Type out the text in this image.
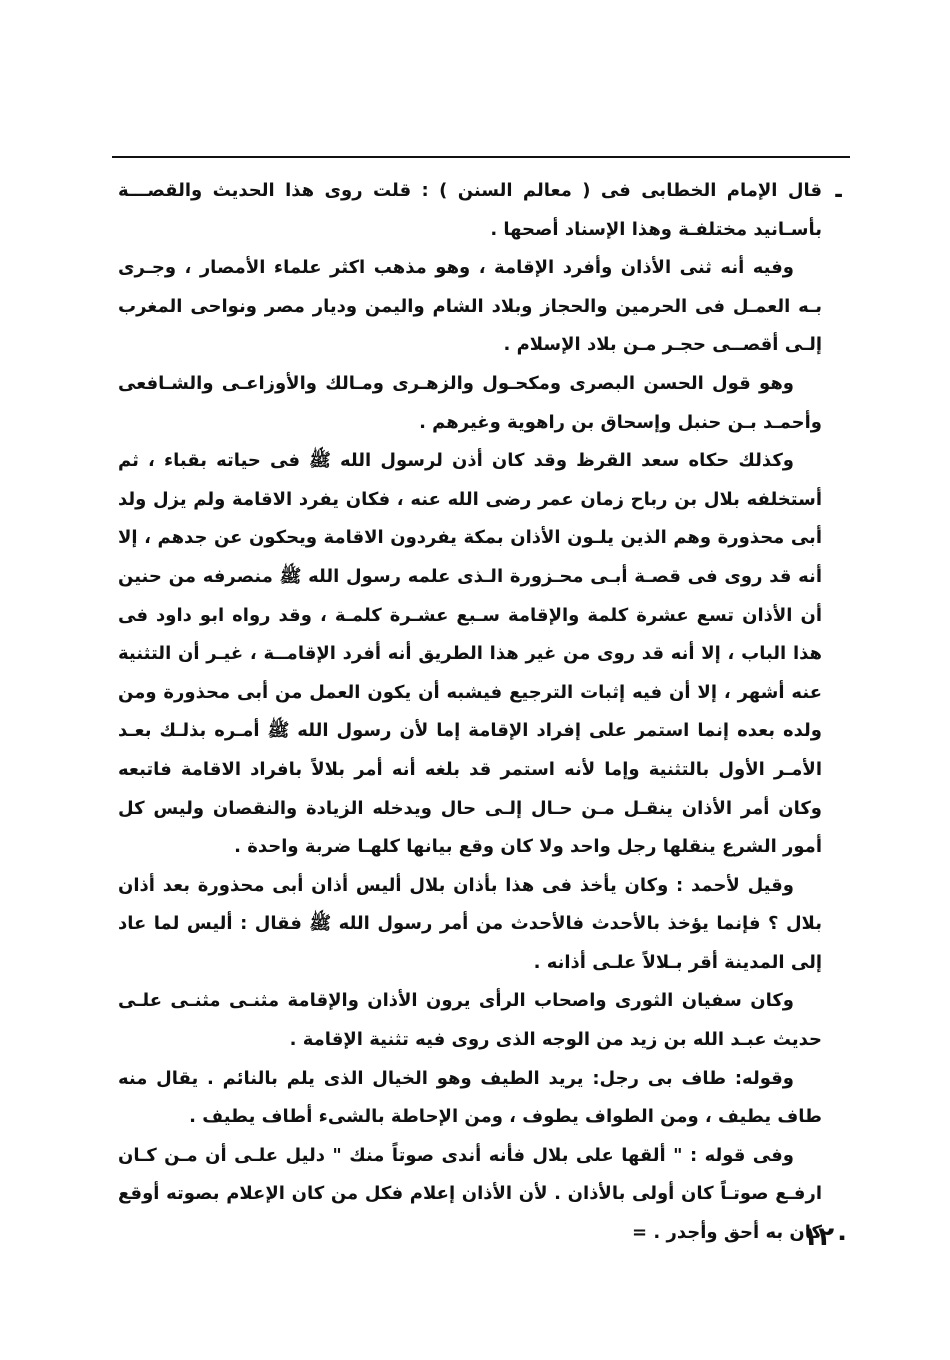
-

قال الإمام الخطابى فى ( معالم السنن ) : قلت روى هذا الحديث والقصـــة بأسـانيد مختلفـة وهذا الإسناد أصحها .

وفيه أنه ثنى الأذان وأفرد الإقامة ، وهو مذهب اكثر علماء الأمصار ، وجـرى بـه العمـل فى الحرمين والحجاز وبلاد الشام واليمن وديار مصر ونواحى المغرب إلـى أقصــى حجـر مـن بلاد الإسلام .

وهو قول الحسن البصرى ومكحـول والزهـرى ومـالك والأوزاعـى والشـافعى وأحمـد بـن حنبل وإسحاق بن راهوية وغيرهم .

وكذلك حكاه سعد القرظ وقد كان أذن لرسول الله ﷺ فى حياته بقباء ، ثم أستخلفه بلال بن رباح زمان عمر رضى الله عنه ، فكان يفرد الاقامة ولم يزل ولد أبى محذورة وهم الذين يلـون الأذان بمكة يفردون الاقامة ويحكون عن جدهم ، إلا أنه قد روى فى قصـة أبـى محـزورة الـذى علمه رسول الله ﷺ منصرفه من حنين أن الأذان تسع عشرة كلمة والإقامة سـبع عشـرة كلمـة ، وقد رواه ابو داود فى هذا الباب ، إلا أنه قد روى من غير هذا الطريق أنه أفرد الإقامــة ، غيـر أن التثنية عنه أشهر ، إلا أن فيه إثبات الترجيع فيشبه أن يكون العمل من أبى محذورة ومن ولده بعده إنما استمر على إفراد الإقامة إما لأن رسول الله ﷺ أمـره بذلـك بعـد الأمـر الأول بالتثنية وإما لأنه استمر قد بلغه أنه أمر بلالاً بافراد الاقامة فاتبعه وكان أمر الأذان ينقـل مـن حـال إلـى حال ويدخله الزيادة والنقصان وليس كل أمور الشرع ينقلها رجل واحد ولا كان وقع بيانها كلهـا ضربة واحدة .

وقيل لأحمد : وكان يأخذ فى هذا بأذان بلال أليس أذان أبى محذورة بعد أذان بلال ؟ فإنما يؤخذ بالأحدث فالأحدث من أمر رسول الله ﷺ فقال : أليس لما عاد إلى المدينة أقر بـلالاً علـى أذانه .

وكان سفيان الثورى واصحاب الرأى يرون الأذان والإقامة مثنـى مثنـى علـى حديث عبـد الله بن زيد من الوجه الذى روى فيه تثنية الإقامة .

وقوله: طاف بى رجل: يريد الطيف وهو الخيال الذى يلم بالنائم . يقال منه طاف يطيف ، ومن الطواف يطوف ، ومن الإحاطة بالشىء أطاف يطيف .

وفى قوله : " ألقها على بلال فأنه أندى صوتاً منك " دليل علـى أن مـن كـان ارفـع صوتـاً كان أولى بالأذان . لأن الأذان إعلام فكل من كان الإعلام بصوته أوقع كان به أحق وأجدر . =

١٢٠
